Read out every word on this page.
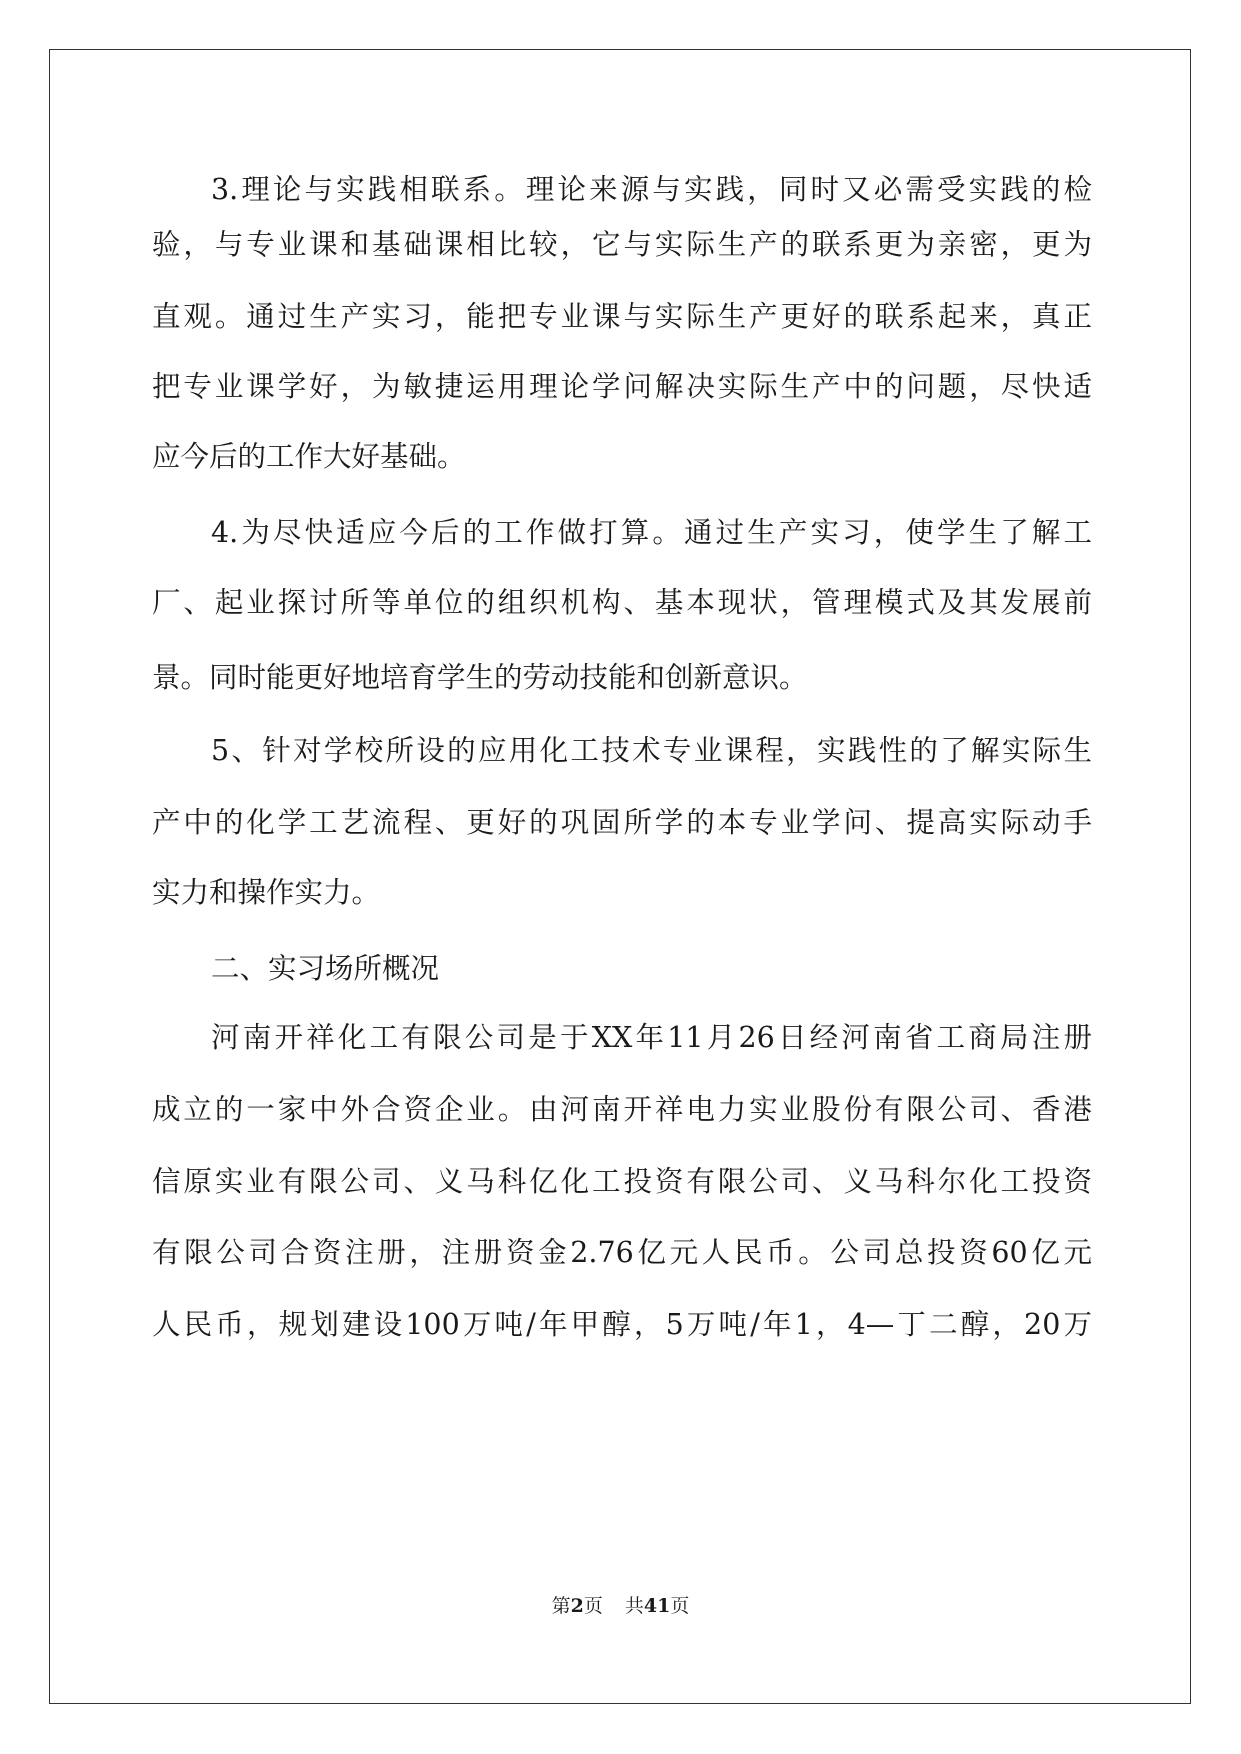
3.理论与实践相联系。理论来源与实践，同时又必需受实践的检
验，与专业课和基础课相比较，它与实际生产的联系更为亲密，更为
直观。通过生产实习，能把专业课与实际生产更好的联系起来，真正
把专业课学好，为敏捷运用理论学问解决实际生产中的问题，尽快适
应今后的工作大好基础。
4.为尽快适应今后的工作做打算。通过生产实习，使学生了解工
厂、起业探讨所等单位的组织机构、基本现状，管理模式及其发展前
景。同时能更好地培育学生的劳动技能和创新意识。
5、针对学校所设的应用化工技术专业课程，实践性的了解实际生
产中的化学工艺流程、更好的巩固所学的本专业学问、提高实际动手
实力和操作实力。
二、实习场所概况
河南开祥化工有限公司是于XX年11月26日经河南省工商局注册
成立的一家中外合资企业。由河南开祥电力实业股份有限公司、香港
信原实业有限公司、义马科亿化工投资有限公司、义马科尔化工投资
有限公司合资注册，注册资金2.76亿元人民币。公司总投资60亿元
人民币，规划建设100万吨/年甲醇，5万吨/年1，4—丁二醇，20万
第2页 共41页
